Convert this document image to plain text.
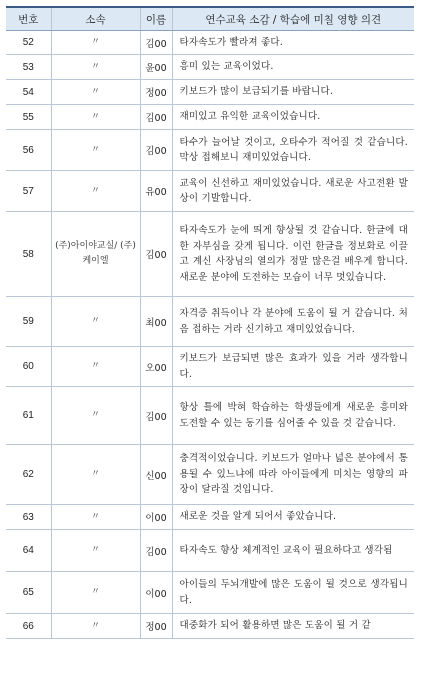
번호	소속	이름	연수교육 소감 / 학습에 미칠 영향 의견
52	〃	김00	타자속도가 빨라져 좋다.
53	〃	윤00	흥미 있는 교육이었다.
54	〃	정00	키보드가 많이 보급되기를 바랍니다.
55	〃	김00	재미있고 유익한 교육이었습니다.
56	〃	김00	타수가 늘어날 것이고, 오타수가 적어질 것 같습니다. 막상 접해보니 재미있었습니다.
57	〃	유00	교육이 신선하고 재미있었습니다. 새로운 사고전환 발상이 기발합니다.
58	(주)아이야교실/ (주)케이엘	김00	타자속도가 눈에 띄게 향상될 것 같습니다. 한글에 대한 자부심을 갖게 됩니다. 이런 한글을 정보화로 이끌고 계신 사장님의 열의가 정말 많은걸 배우게 합니다. 새로운 분야에 도전하는 모습이 너무 멋있습니다.
59	〃	최00	자격증 취득이나 각 분야에 도움이 될 거 같습니다. 처음 접하는 거라 신기하고 재미있었습니다.
60	〃	오00	키보드가 보급되면 많은 효과가 있을 거라 생각합니다.
61	〃	김00	항상 틀에 박혀 학습하는 학생들에게 새로운 흥미와 도전할 수 있는 동기를 심어줄 수 있을 것 같습니다.
62	〃	신00	충격적이었습니다. 키보드가 얼마나 넓은 분야에서 통용될 수 있느냐에 따라 아이들에게 미치는 영향의 파장이 달라질 것입니다.
63	〃	이00	새로운 것을 알게 되어서 좋았습니다.
64	〃	김00	타자속도 향상 체계적인 교육이 필요하다고 생각됨
65	〃	이00	아이들의 두뇌개발에 많은 도움이 될 것으로 생각됩니다.
66	〃	정00	대중화가 되어 활용하면 많은 도움이 될 거 같
